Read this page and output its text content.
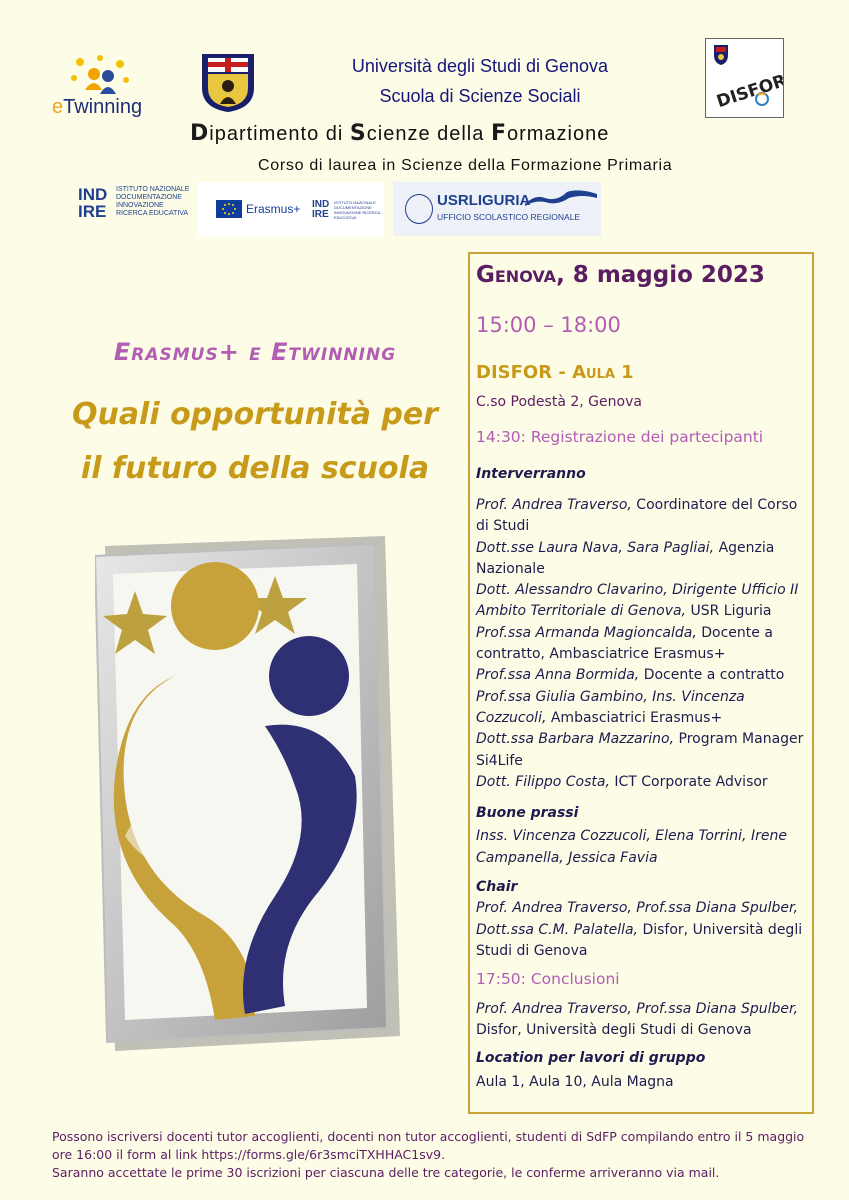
eTwinning
Università degli Studi di Genova
Scuola di Scienze Sociali
Dipartimento di Scienze della Formazione
Corso di laurea in Scienze della Formazione Primaria
DISFOR
IND
IRE
ISTITUTO NAZIONALE DOCUMENTAZIONE INNOVAZIONE RICERCA EDUCATIVA	Erasmus+ IND
IRE
ISTITUTO NAZIONALE DOCUMENTAZIONE INNOVAZIONE RICERCA EDUCATIVA
USRLIGURIA
UFFICIO SCOLASTICO REGIONALE
Erasmus+ e Etwinning
Quali opportunità per
il futuro della scuola
Genova, 8 maggio 2023
15:00 – 18:00
DISFOR - Aula 1
C.so Podestà 2, Genova
14:30: Registrazione dei partecipanti
Interverranno
Prof. Andrea Traverso, Coordinatore del Corso di Studi
Dott.sse Laura Nava, Sara Pagliai, Agenzia Nazionale
Dott. Alessandro Clavarino, Dirigente Ufficio II Ambito Territoriale di Genova, USR Liguria
Prof.ssa Armanda Magioncalda, Docente a contratto, Ambasciatrice Erasmus+
Prof.ssa Anna Bormida, Docente a contratto
Prof.ssa Giulia Gambino, Ins. Vincenza Cozzucoli, Ambasciatrici Erasmus+
Dott.ssa Barbara Mazzarino, Program Manager Si4Life
Dott. Filippo Costa, ICT Corporate Advisor
Buone prassi
Inss. Vincenza Cozzucoli, Elena Torrini, Irene Campanella, Jessica Favia
Chair
Prof. Andrea Traverso, Prof.ssa Diana Spulber, Dott.ssa C.M. Palatella, Disfor, Università degli Studi di Genova
17:50: Conclusioni
Prof. Andrea Traverso, Prof.ssa Diana Spulber,
Disfor, Università degli Studi di Genova
Location per lavori di gruppo
Aula 1, Aula 10, Aula Magna
Possono iscriversi docenti tutor accoglienti, docenti non tutor accoglienti, studenti di SdFP compilando entro il 5 maggio ore 16:00 il form al link https://forms.gle/6r3smciTXHHAC1sv9.
Saranno accettate le prime 30 iscrizioni per ciascuna delle tre categorie, le conferme arriveranno via mail.
